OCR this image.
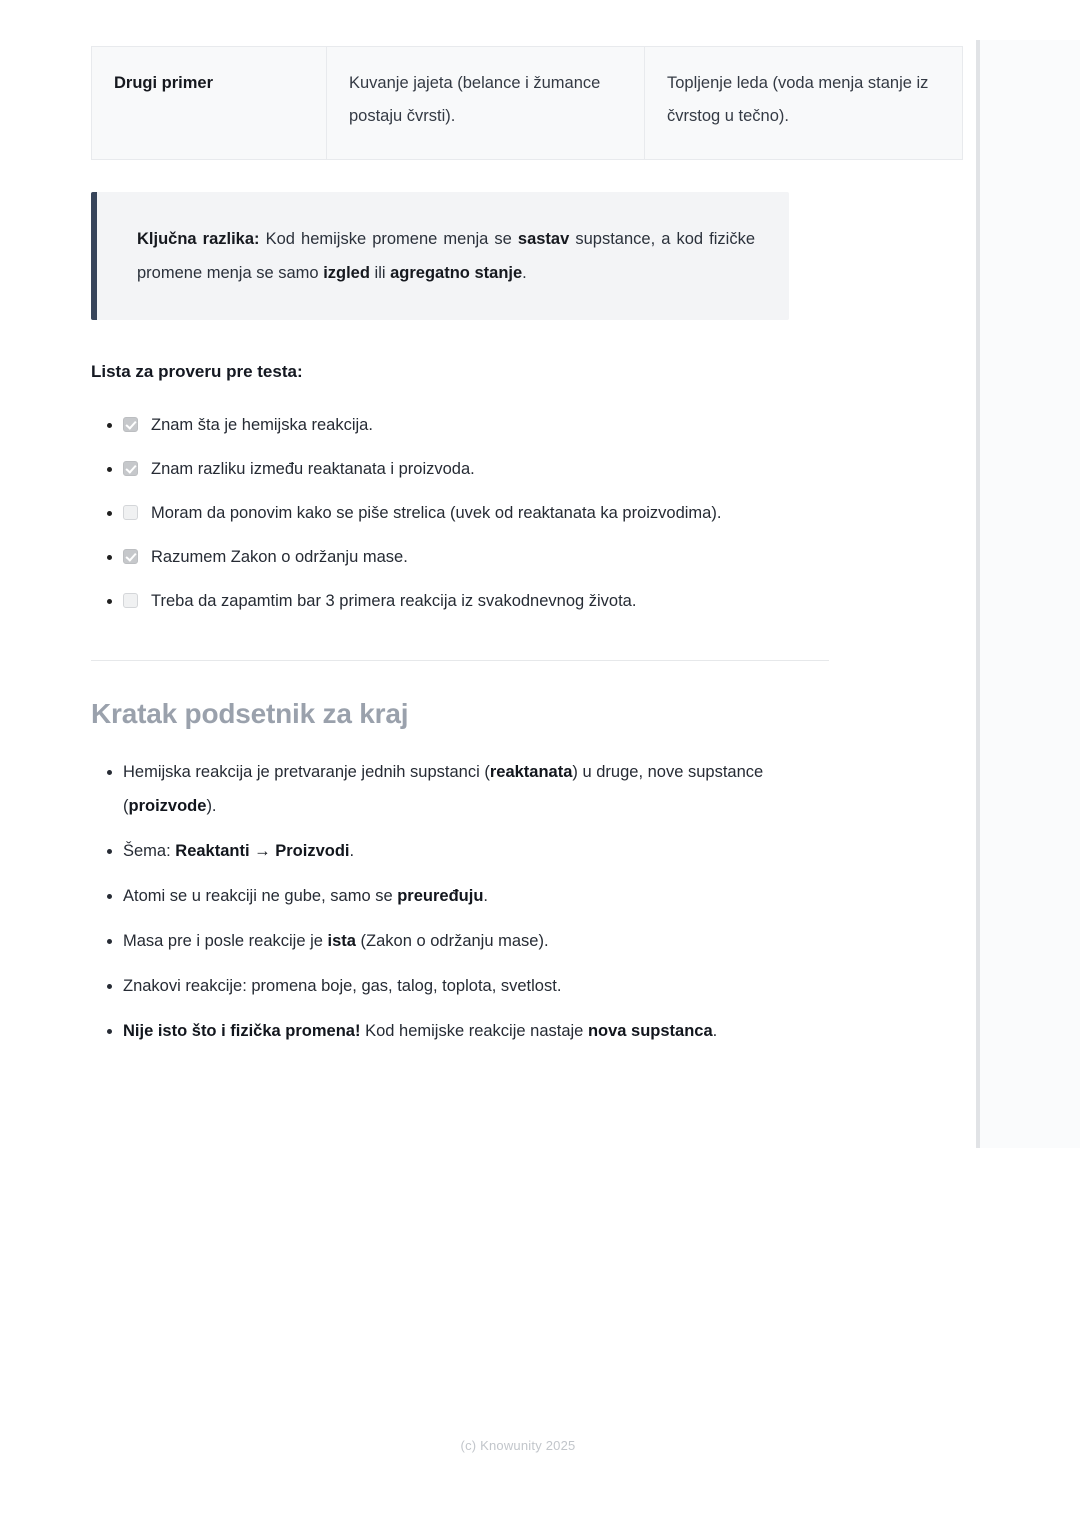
Drugi primer	Kuvanje jajeta (belance i žumance postaju čvrsti).	Topljenje leda (voda menja stanje iz čvrstog u tečno).
Ključna razlika: Kod hemijske promene menja se sastav supstance, a kod fizičke promene menja se samo izgled ili agregatno stanje.
Lista za proveru pre testa:
• Znam šta je hemijska reakcija.
• Znam razliku između reaktanata i proizvoda.
• Moram da ponovim kako se piše strelica (uvek od reaktanata ka proizvodima).
• Razumem Zakon o održanju mase.
• Treba da zapamtim bar 3 primera reakcija iz svakodnevnog života.
Kratak podsetnik za kraj
• Hemijska reakcija je pretvaranje jednih supstanci (reaktanata) u druge, nove supstance (proizvode).
• Šema: Reaktanti → Proizvodi.
• Atomi se u reakciji ne gube, samo se preuređuju.
• Masa pre i posle reakcije je ista (Zakon o održanju mase).
• Znakovi reakcije: promena boje, gas, talog, toplota, svetlost.
• Nije isto što i fizička promena! Kod hemijske reakcije nastaje nova supstanca.
(c) Knowunity 2025
